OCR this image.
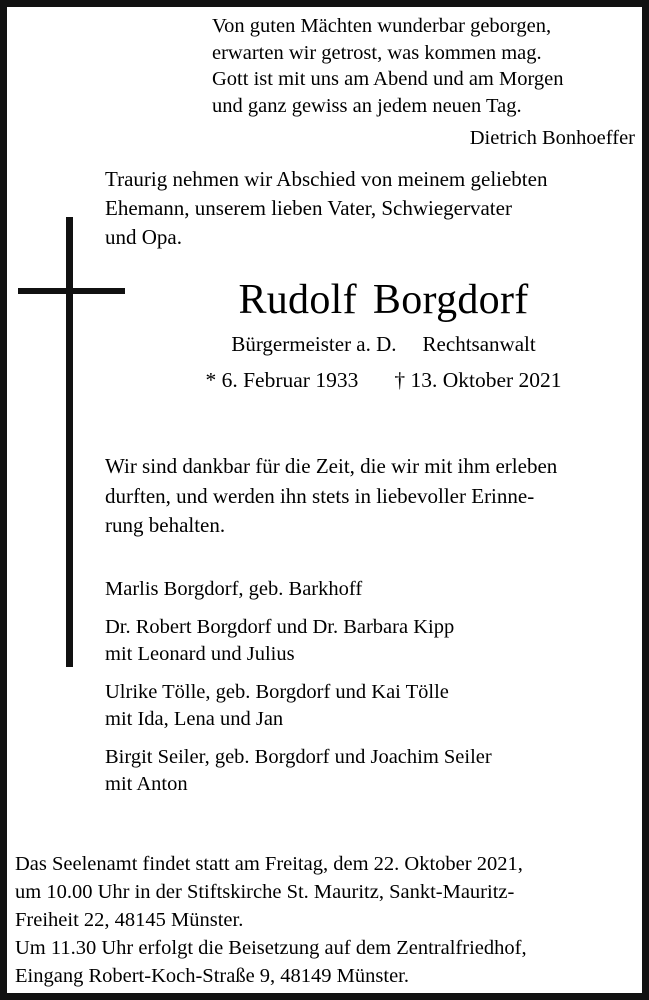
Von guten Mächten wunderbar geborgen,
erwarten wir getrost, was kommen mag.
Gott ist mit uns am Abend und am Morgen
und ganz gewiss an jedem neuen Tag.
Dietrich Bonhoeffer
Traurig nehmen wir Abschied von meinem geliebten
Ehemann, unserem lieben Vater, Schwiegervater
und Opa.
Rudolf Borgdorf
Bürgermeister a. D. Rechtsanwalt
* 6. Februar 1933 † 13. Oktober 2021
Wir sind dankbar für die Zeit, die wir mit ihm erleben
durften, und werden ihn stets in liebevoller Erinne-
rung behalten.
Marlis Borgdorf, geb. Barkhoff
Dr. Robert Borgdorf und Dr. Barbara Kipp
mit Leonard und Julius
Ulrike Tölle, geb. Borgdorf und Kai Tölle
mit Ida, Lena und Jan
Birgit Seiler, geb. Borgdorf und Joachim Seiler
mit Anton
Das Seelenamt findet statt am Freitag, dem 22. Oktober 2021,
um 10.00 Uhr in der Stiftskirche St. Mauritz, Sankt-Mauritz-
Freiheit 22, 48145 Münster.
Um 11.30 Uhr erfolgt die Beisetzung auf dem Zentralfriedhof,
Eingang Robert-Koch-Straße 9, 48149 Münster.
